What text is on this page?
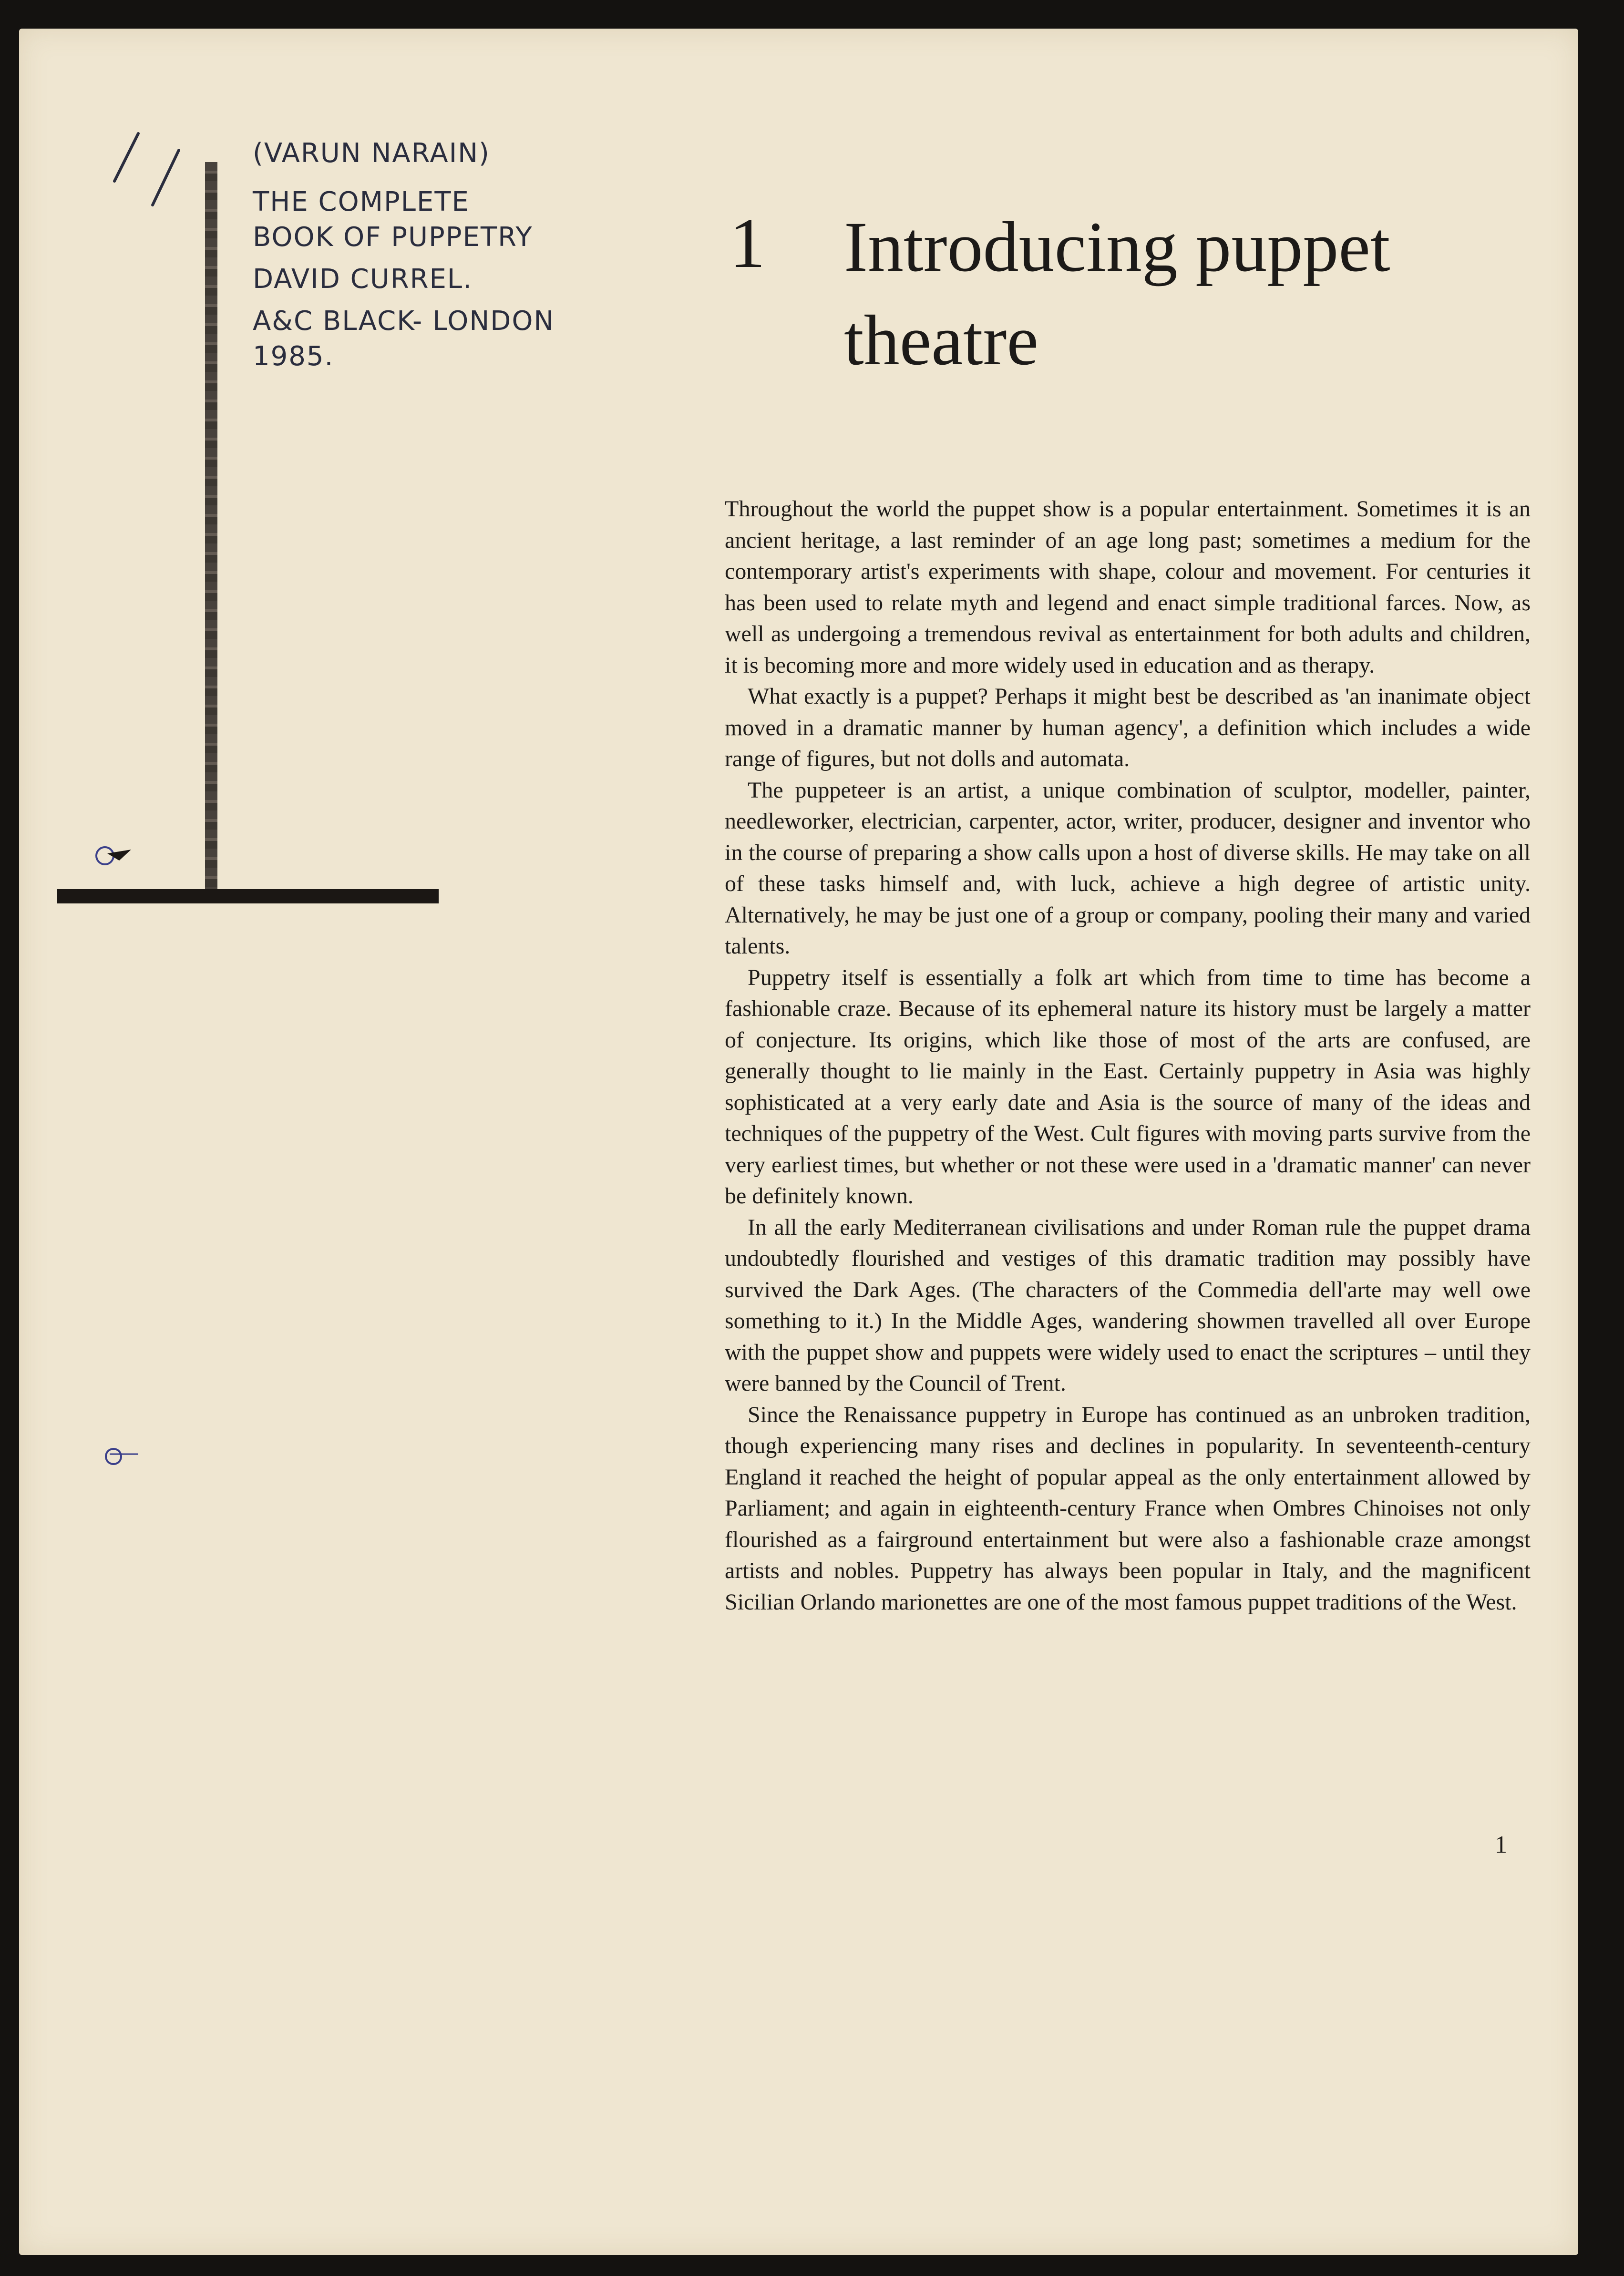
(VARUN NARAIN)
THE COMPLETE
BOOK OF PUPPETRY
DAVID CURREL.
A&C BLACK- LONDON
1985.
1 Introducing puppet theatre

Throughout the world the puppet show is a popular entertainment. Sometimes it is an ancient heritage, a last reminder of an age long past; sometimes a medium for the contemporary artist's experiments with shape, colour and movement. For centuries it has been used to relate myth and legend and enact simple traditional farces. Now, as well as undergoing a tremendous revival as entertainment for both adults and children, it is becoming more and more widely used in education and as therapy.

What exactly is a puppet? Perhaps it might best be described as 'an inanimate object moved in a dramatic manner by human agency', a definition which includes a wide range of figures, but not dolls and automata.

The puppeteer is an artist, a unique combination of sculptor, modeller, painter, needleworker, electrician, carpenter, actor, writer, producer, designer and inventor who in the course of preparing a show calls upon a host of diverse skills. He may take on all of these tasks himself and, with luck, achieve a high degree of artistic unity. Alternatively, he may be just one of a group or company, pooling their many and varied talents.

Puppetry itself is essentially a folk art which from time to time has become a fashionable craze. Because of its ephemeral nature its history must be largely a matter of conjecture. Its origins, which like those of most of the arts are confused, are generally thought to lie mainly in the East. Certainly puppetry in Asia was highly sophisticated at a very early date and Asia is the source of many of the ideas and techniques of the puppetry of the West. Cult figures with moving parts survive from the very earliest times, but whether or not these were used in a 'dramatic manner' can never be definitely known.

In all the early Mediterranean civilisations and under Roman rule the puppet drama undoubtedly flourished and vestiges of this dramatic tradition may possibly have survived the Dark Ages. (The characters of the Commedia dell'arte may well owe something to it.) In the Middle Ages, wandering showmen travelled all over Europe with the puppet show and puppets were widely used to enact the scriptures – until they were banned by the Council of Trent.

Since the Renaissance puppetry in Europe has continued as an unbroken tradition, though experiencing many rises and declines in popularity. In seventeenth-century England it reached the height of popular appeal as the only entertainment allowed by Parliament; and again in eighteenth-century France when Ombres Chinoises not only flourished as a fairground entertainment but were also a fashionable craze amongst artists and nobles. Puppetry has always been popular in Italy, and the magnificent Sicilian Orlando marionettes are one of the most famous puppet traditions of the West.

1
